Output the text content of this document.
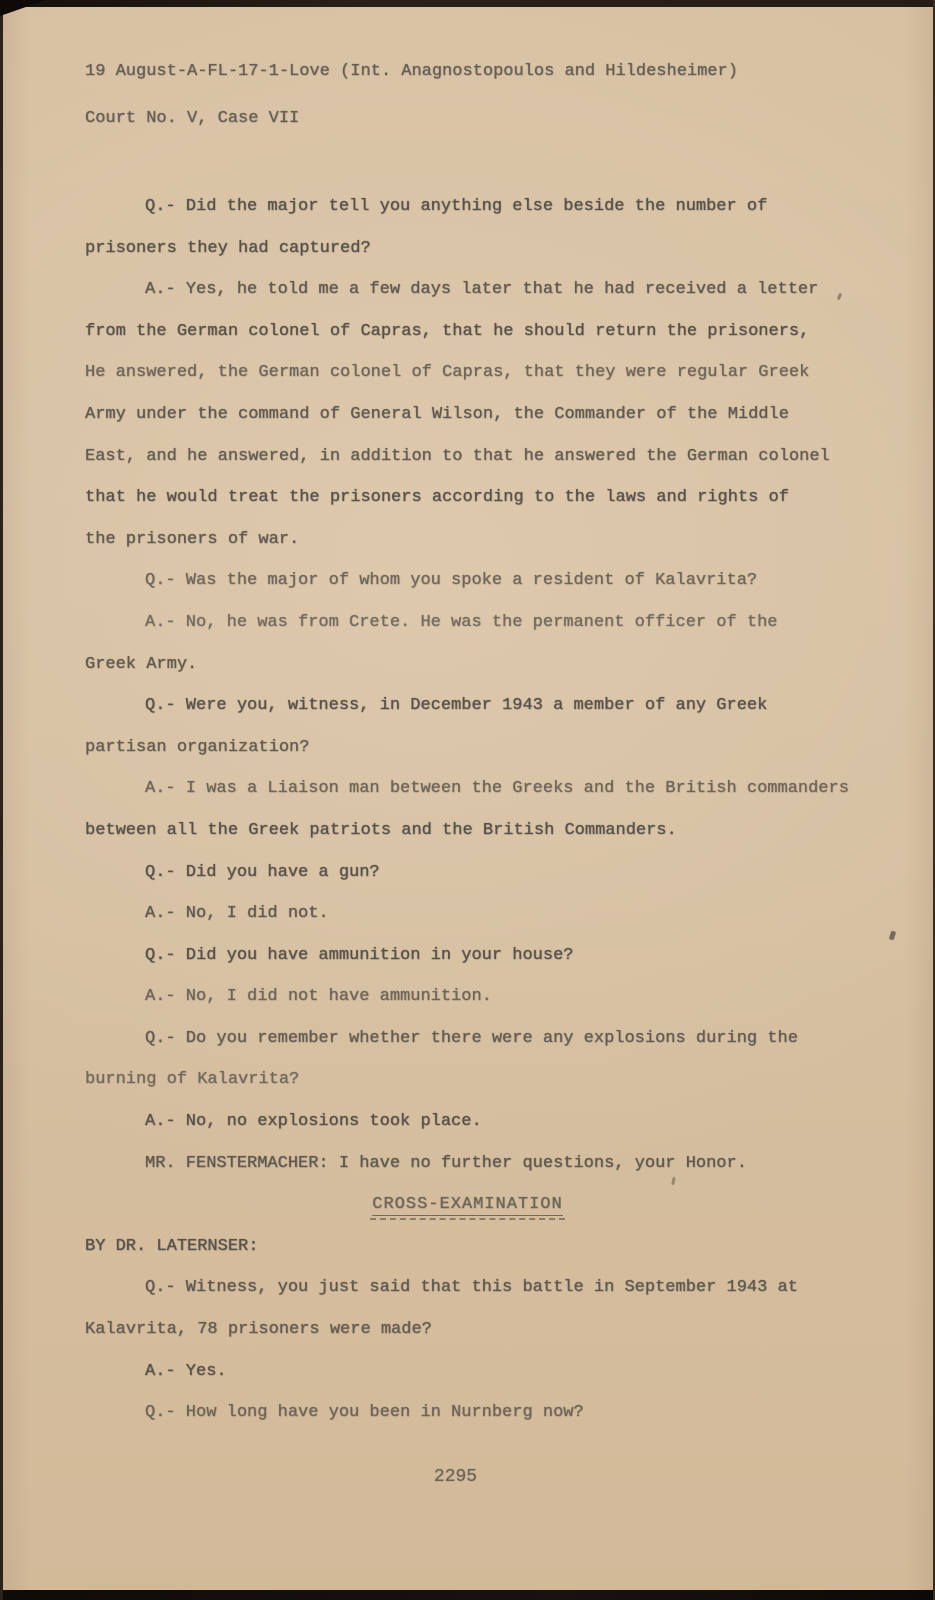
19 August-A-FL-17-1-Love (Int. Anagnostopoulos and Hildesheimer)
Court No. V, Case VII
Q.- Did the major tell you anything else beside the number of
prisoners they had captured?
A.- Yes, he told me a few days later that he had received a letter
from the German colonel of Capras, that he should return the prisoners,
He answered, the German colonel of Capras, that they were regular Greek
Army under the command of General Wilson, the Commander of the Middle
East, and he answered, in addition to that he answered the German colonel
that he would treat the prisoners according to the laws and rights of
the prisoners of war.
Q.- Was the major of whom you spoke a resident of Kalavrita?
A.- No, he was from Crete. He was the permanent officer of the
Greek Army.
Q.- Were you, witness, in December 1943 a member of any Greek
partisan organization?
A.- I was a Liaison man between the Greeks and the British commanders
between all the Greek patriots and the British Commanders.
Q.- Did you have a gun?
A.- No, I did not.
Q.- Did you have ammunition in your house?
A.- No, I did not have ammunition.
Q.- Do you remember whether there were any explosions during the
burning of Kalavrita?
A.- No, no explosions took place.
MR. FENSTERMACHER: I have no further questions, your Honor.
CROSS-EXAMINATION
BY DR. LATERNSER:
Q.- Witness, you just said that this battle in September 1943 at
Kalavrita, 78 prisoners were made?
A.- Yes.
Q.- How long have you been in Nurnberg now?
2295
